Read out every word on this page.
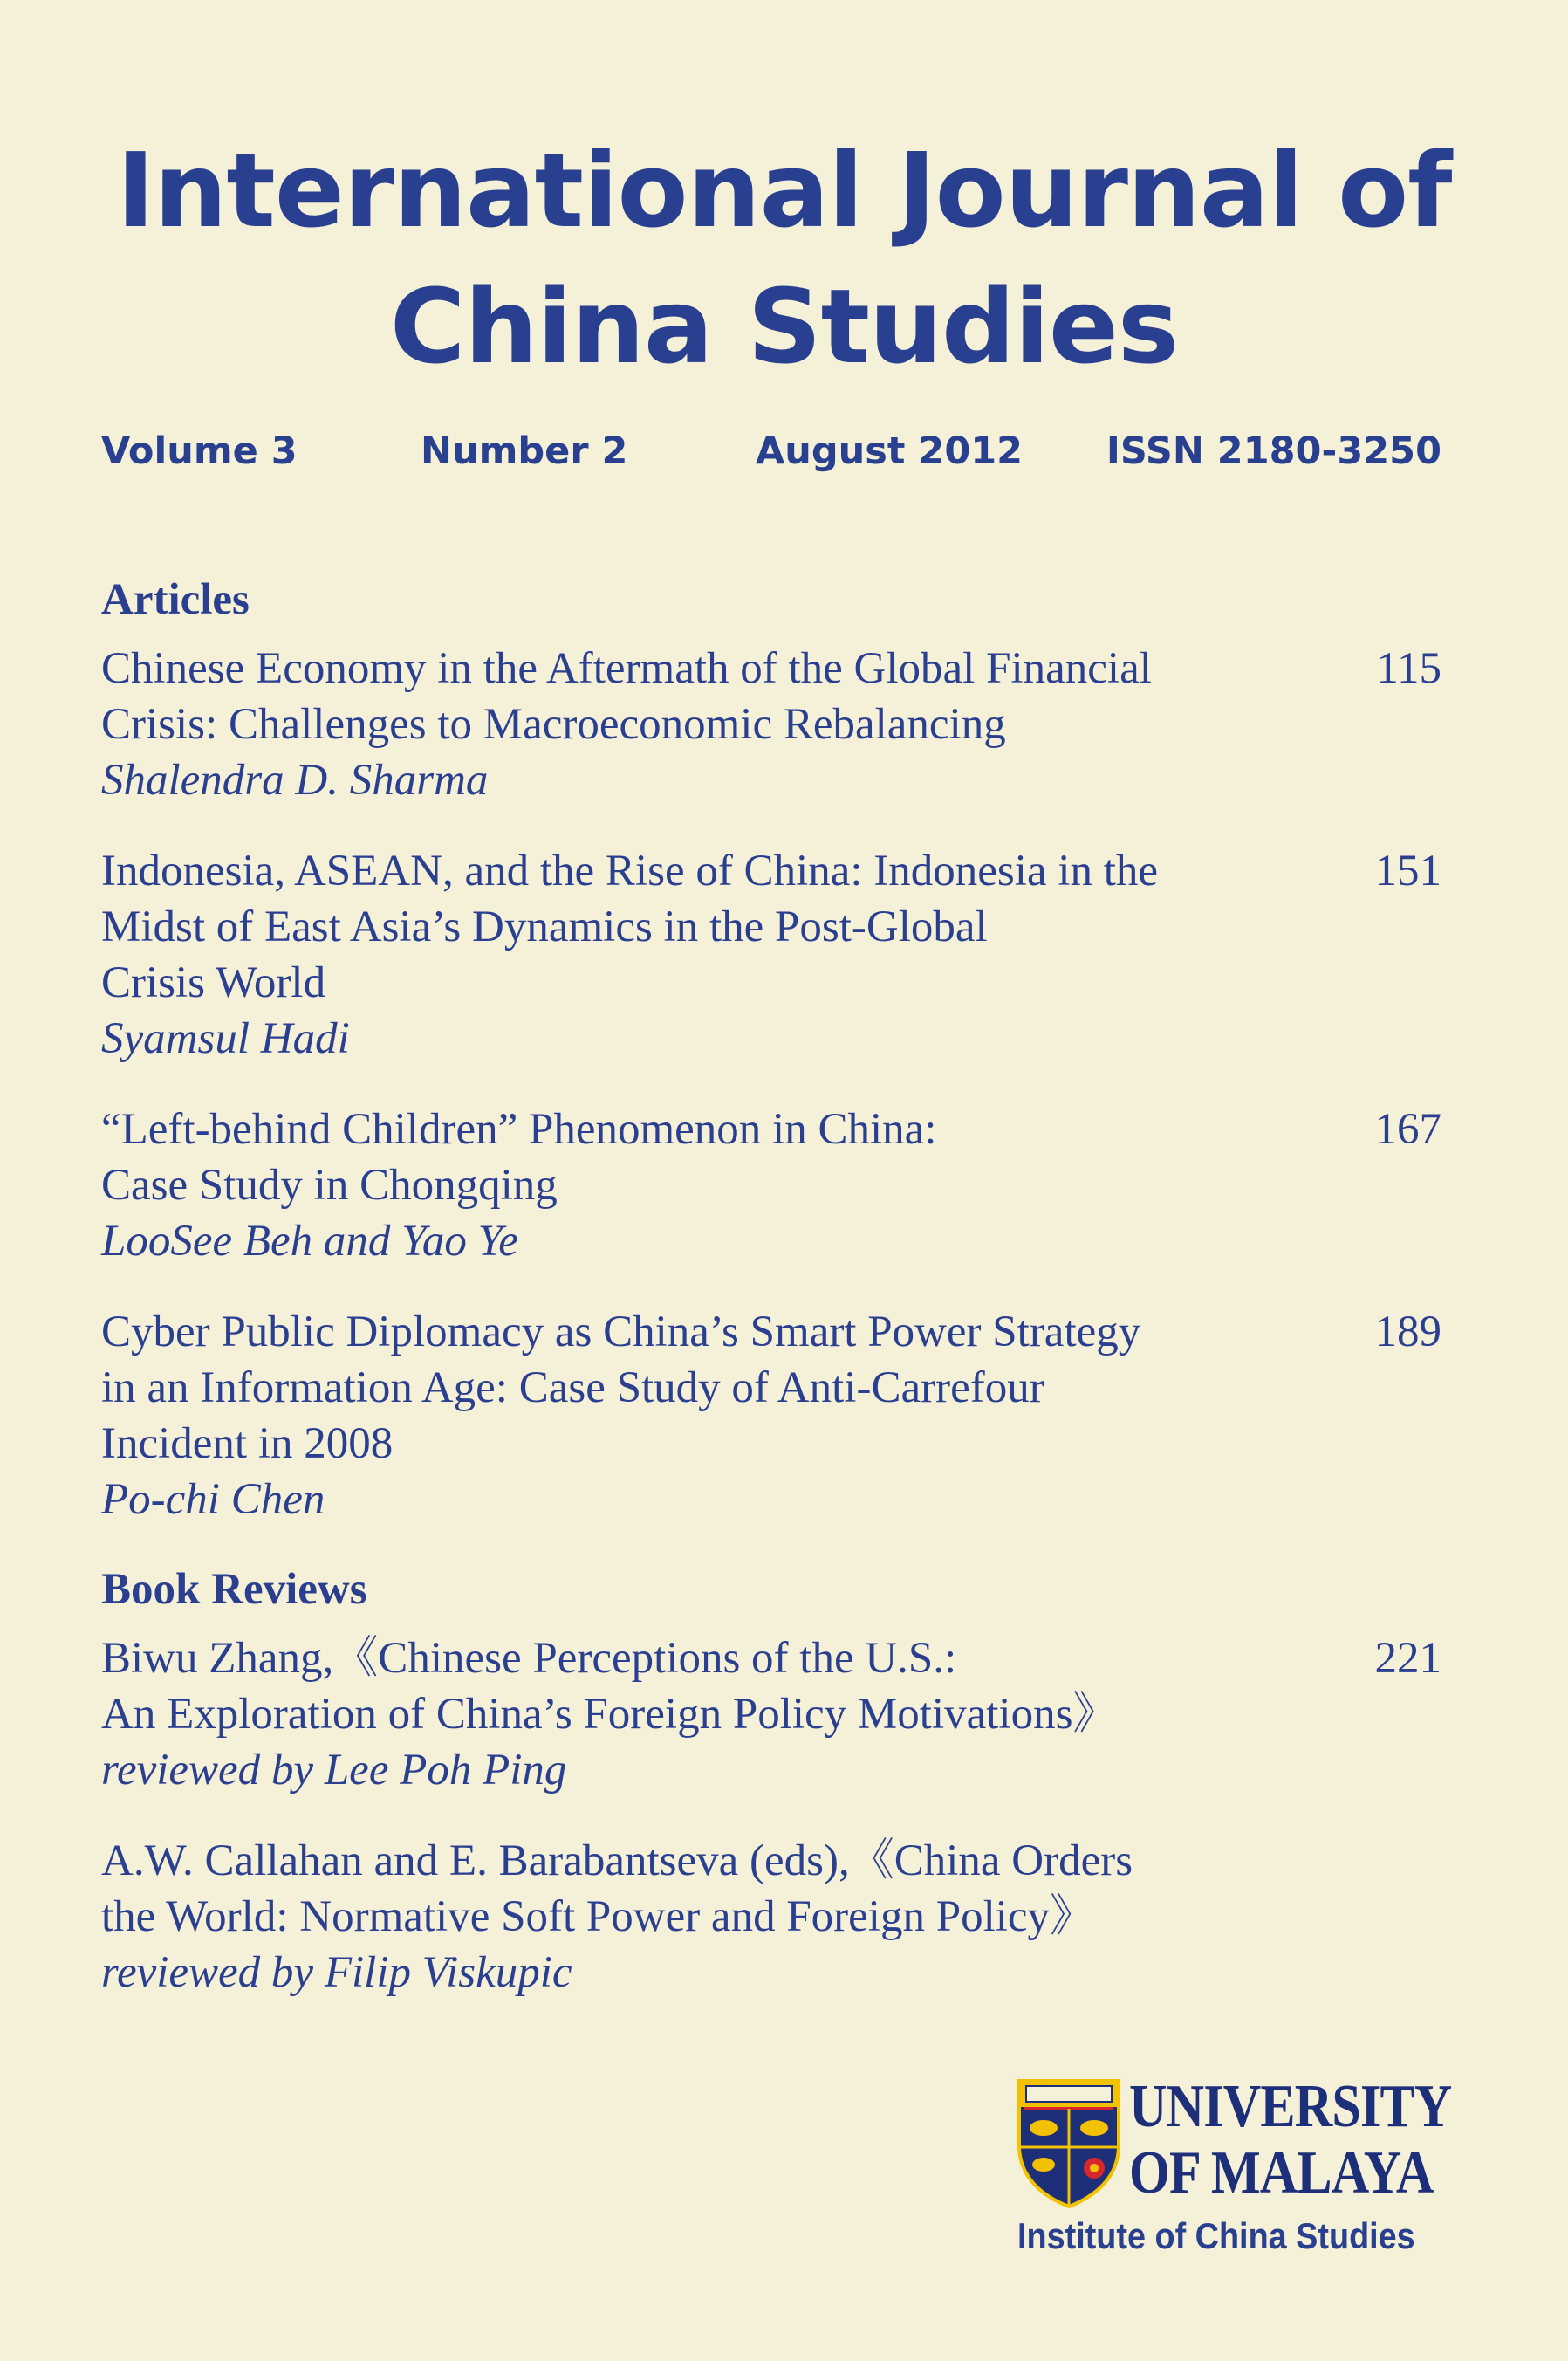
International Journal of
China Studies
Volume 3	Number 2	August 2012 ISSN 2180-3250
Articles
Chinese Economy in the Aftermath of the Global Financial
Crisis: Challenges to Macroeconomic Rebalancing
Shalendra D. Sharma
115
Indonesia, ASEAN, and the Rise of China: Indonesia in the
Midst of East Asia’s Dynamics in the Post-Global
Crisis World
Syamsul Hadi
151
“Left-behind Children” Phenomenon in China:
Case Study in Chongqing
LooSee Beh and Yao Ye
167
Cyber Public Diplomacy as China’s Smart Power Strategy
in an Information Age: Case Study of Anti-Carrefour
Incident in 2008
Po-chi Chen
189
Book Reviews
Biwu Zhang,《Chinese Perceptions of the U.S.:
An Exploration of China’s Foreign Policy Motivations》
reviewed by Lee Poh Ping
221
A.W. Callahan and E. Barabantseva (eds),《China Orders
the World: Normative Soft Power and Foreign Policy》
reviewed by Filip Viskupic
UNIVERSITY
OF MALAYA
Institute of China Studies
